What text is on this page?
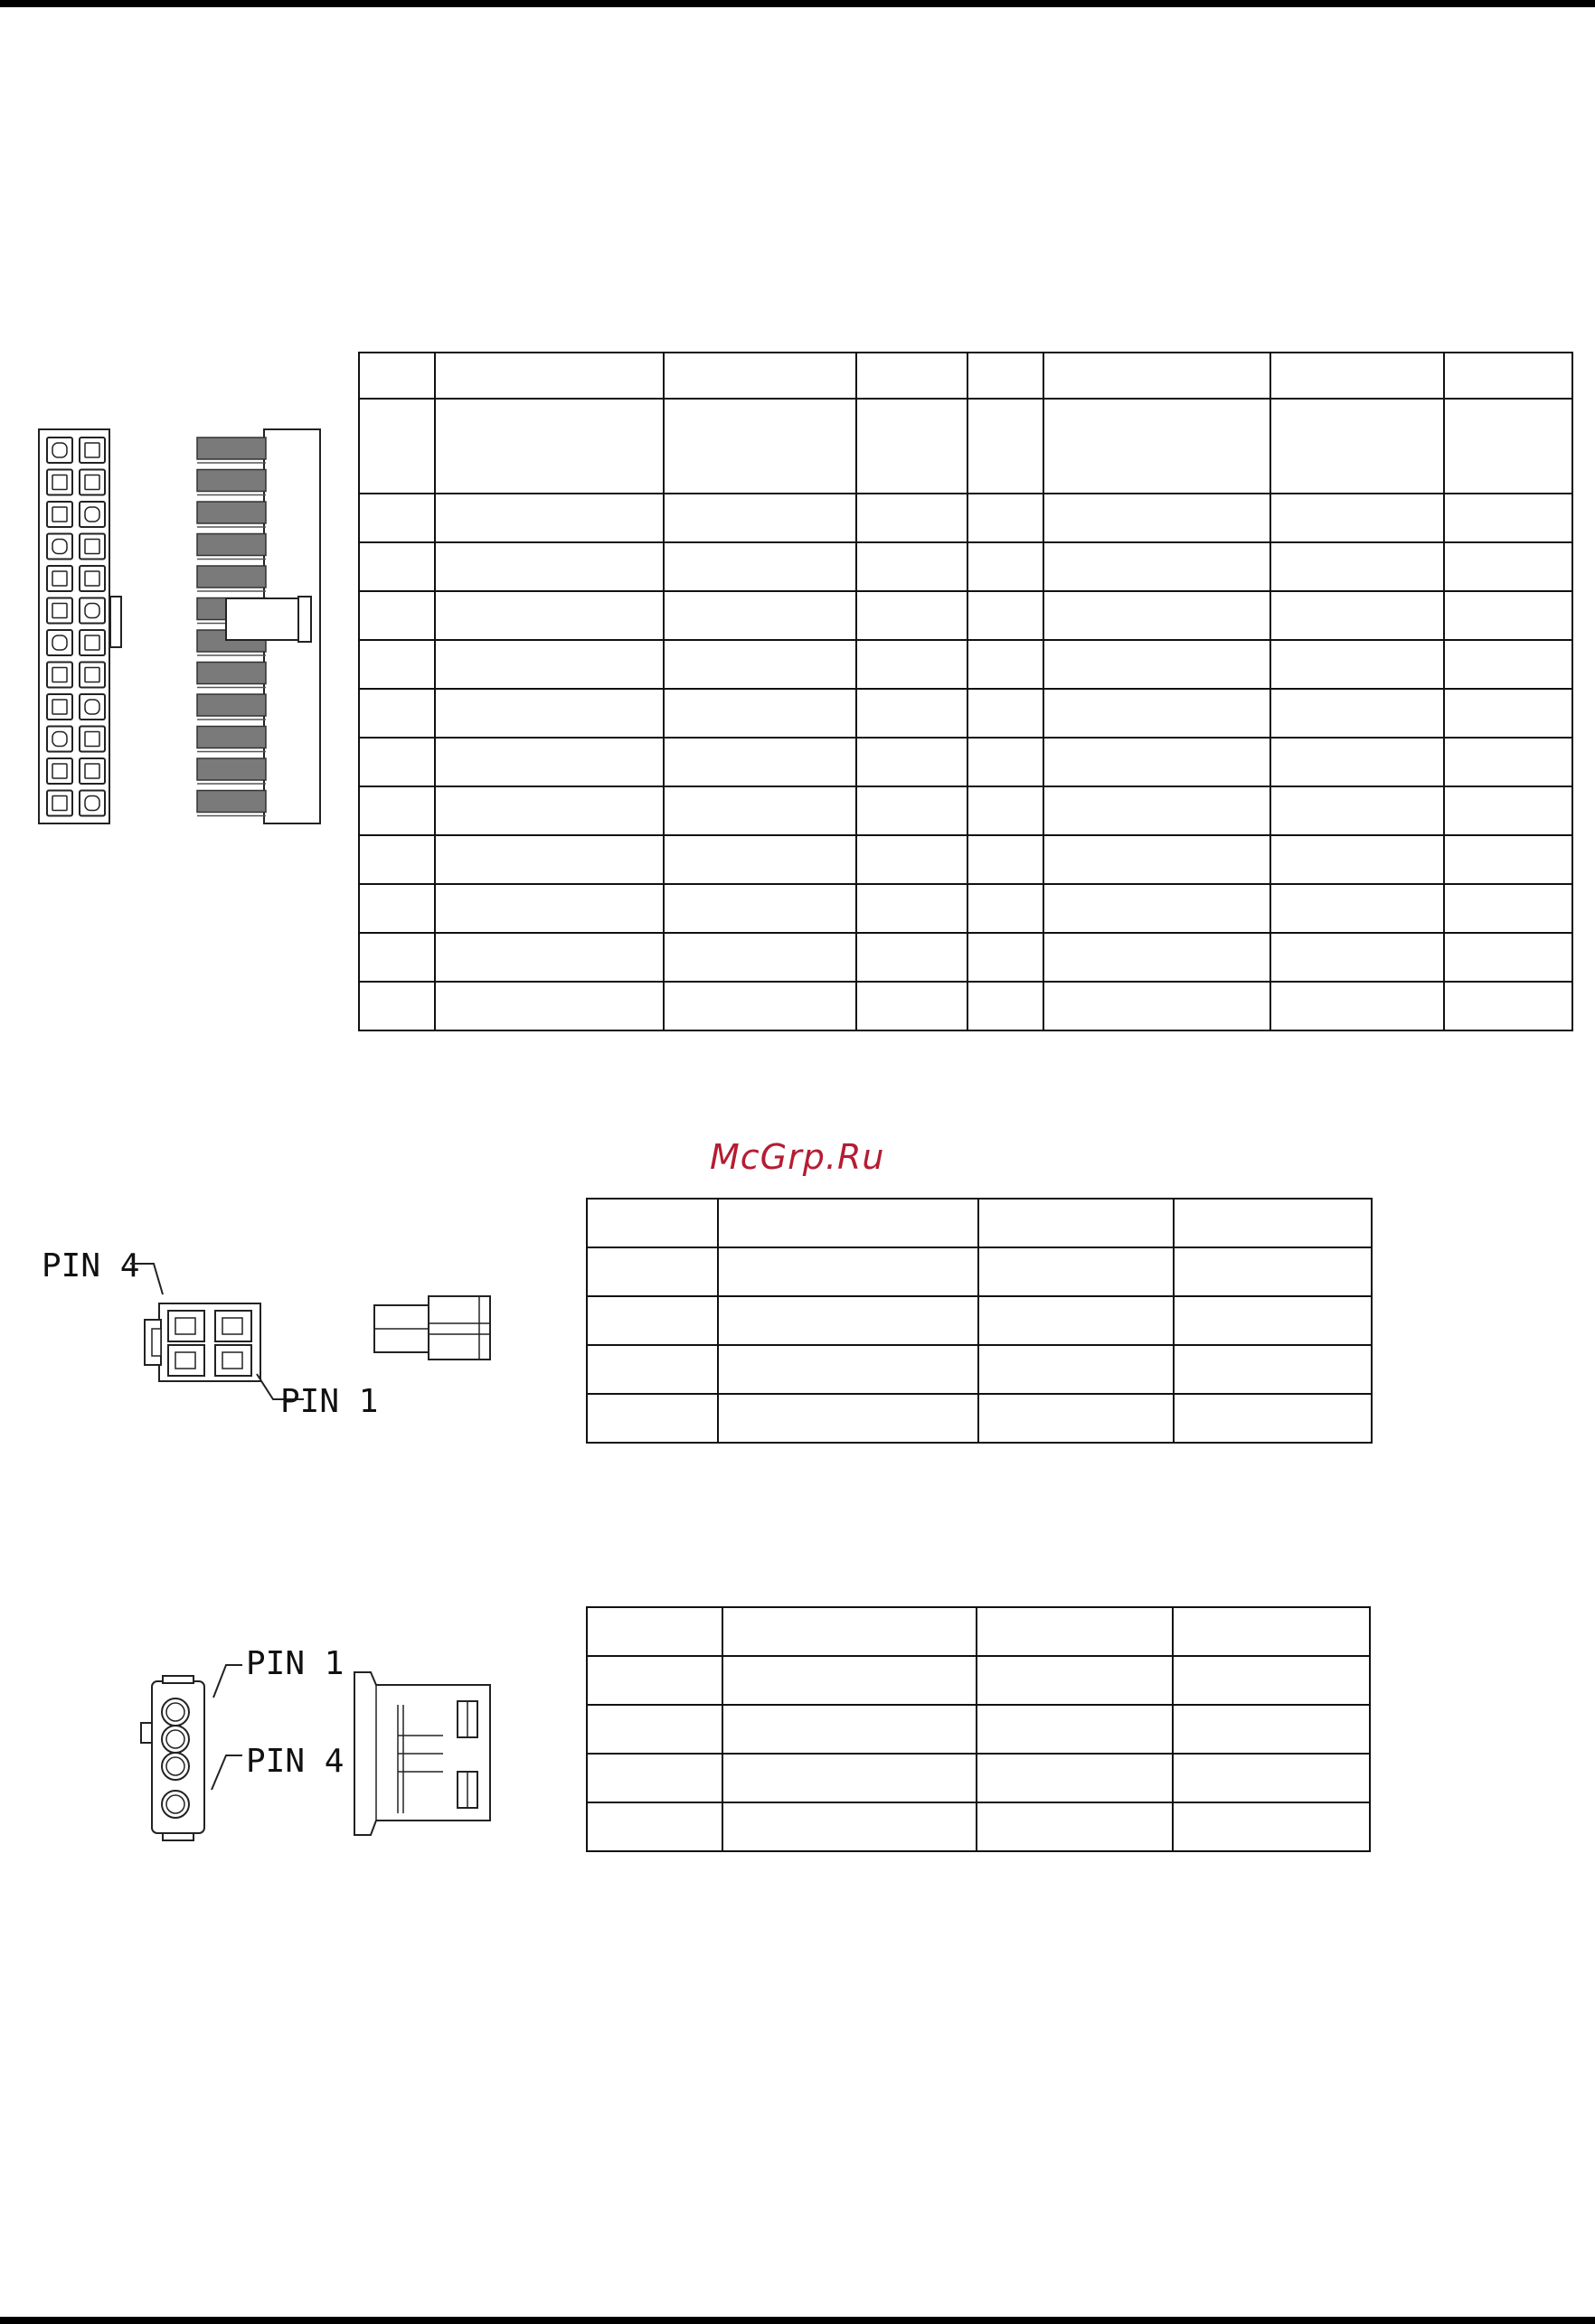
McGrp.Ru
PIN 4
PIN 1

PIN 1
PIN 4
